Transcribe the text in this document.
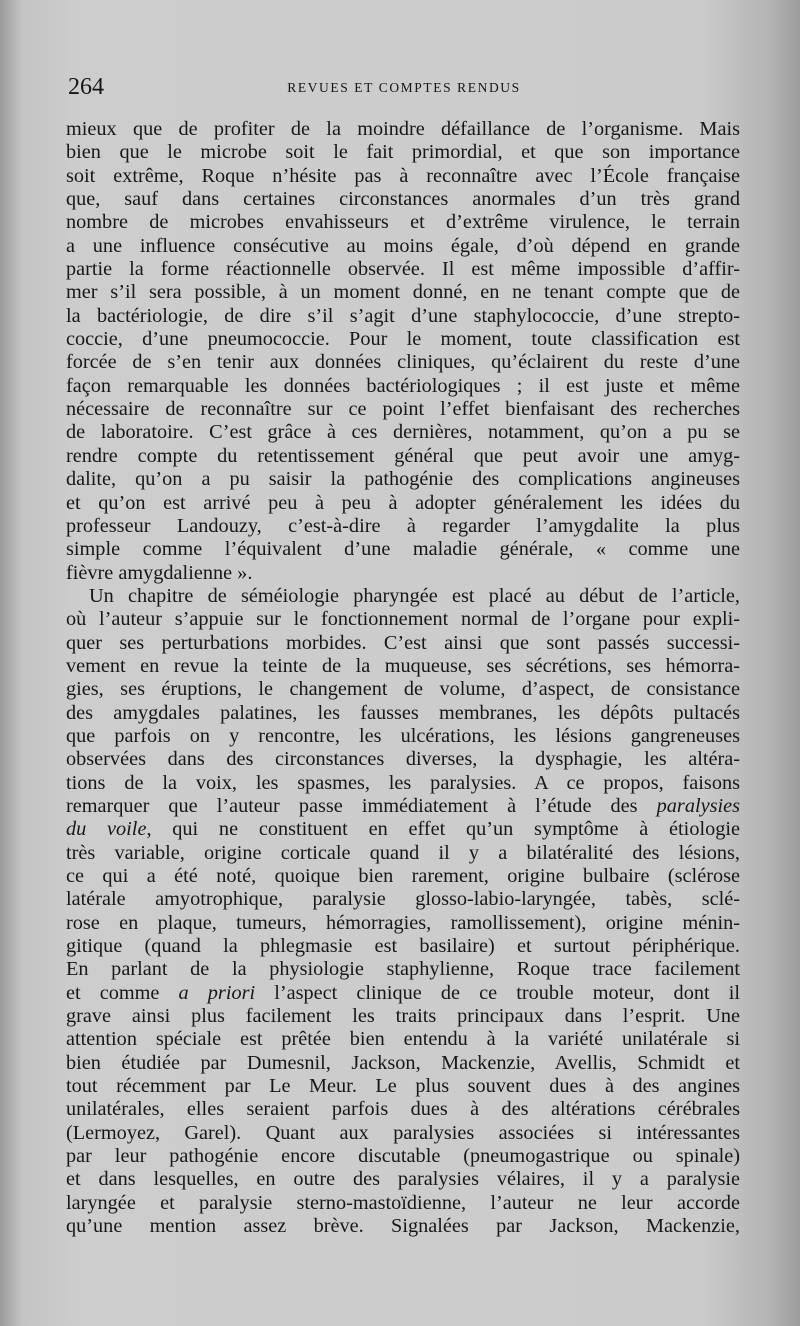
264	REVUES ET COMPTES RENDUS
mieux que de profiter de la moindre défaillance de l’organisme. Mais
bien que le microbe soit le fait primordial, et que son importance
soit extrême, Roque n’hésite pas à reconnaître avec l’École française
que, sauf dans certaines circonstances anormales d’un très grand
nombre de microbes envahisseurs et d’extrême virulence, le terrain
a une influence consécutive au moins égale, d’où dépend en grande
partie la forme réactionnelle observée. Il est même impossible d’affir-
mer s’il sera possible, à un moment donné, en ne tenant compte que de
la bactériologie, de dire s’il s’agit d’une staphylococcie, d’une strepto-
coccie, d’une pneumococcie. Pour le moment, toute classification est
forcée de s’en tenir aux données cliniques, qu’éclairent du reste d’une
façon remarquable les données bactériologiques ; il est juste et même
nécessaire de reconnaître sur ce point l’effet bienfaisant des recherches
de laboratoire. C’est grâce à ces dernières, notamment, qu’on a pu se
rendre compte du retentissement général que peut avoir une amyg-
dalite, qu’on a pu saisir la pathogénie des complications angineuses
et qu’on est arrivé peu à peu à adopter généralement les idées du
professeur Landouzy, c’est-à-dire à regarder l’amygdalite la plus
simple comme l’équivalent d’une maladie générale, « comme une
fièvre amygdalienne ».
Un chapitre de séméiologie pharyngée est placé au début de l’article,
où l’auteur s’appuie sur le fonctionnement normal de l’organe pour expli-
quer ses perturbations morbides. C’est ainsi que sont passés successi-
vement en revue la teinte de la muqueuse, ses sécrétions, ses hémorra-
gies, ses éruptions, le changement de volume, d’aspect, de consistance
des amygdales palatines, les fausses membranes, les dépôts pultacés
que parfois on y rencontre, les ulcérations, les lésions gangreneuses
observées dans des circonstances diverses, la dysphagie, les altéra-
tions de la voix, les spasmes, les paralysies. A ce propos, faisons
remarquer que l’auteur passe immédiatement à l’étude des paralysies
du voile, qui ne constituent en effet qu’un symptôme à étiologie
très variable, origine corticale quand il y a bilatéralité des lésions,
ce qui a été noté, quoique bien rarement, origine bulbaire (sclérose
latérale amyotrophique, paralysie glosso-labio-laryngée, tabès, sclé-
rose en plaque, tumeurs, hémorragies, ramollissement), origine ménin-
gitique (quand la phlegmasie est basilaire) et surtout périphérique.
En parlant de la physiologie staphylienne, Roque trace facilement
et comme a priori l’aspect clinique de ce trouble moteur, dont il
grave ainsi plus facilement les traits principaux dans l’esprit. Une
attention spéciale est prêtée bien entendu à la variété unilatérale si
bien étudiée par Dumesnil, Jackson, Mackenzie, Avellis, Schmidt et
tout récemment par Le Meur. Le plus souvent dues à des angines
unilatérales, elles seraient parfois dues à des altérations cérébrales
(Lermoyez, Garel). Quant aux paralysies associées si intéressantes
par leur pathogénie encore discutable (pneumogastrique ou spinale)
et dans lesquelles, en outre des paralysies vélaires, il y a paralysie
laryngée et paralysie sterno-mastoïdienne, l’auteur ne leur accorde
qu’une mention assez brève. Signalées par Jackson, Mackenzie,
